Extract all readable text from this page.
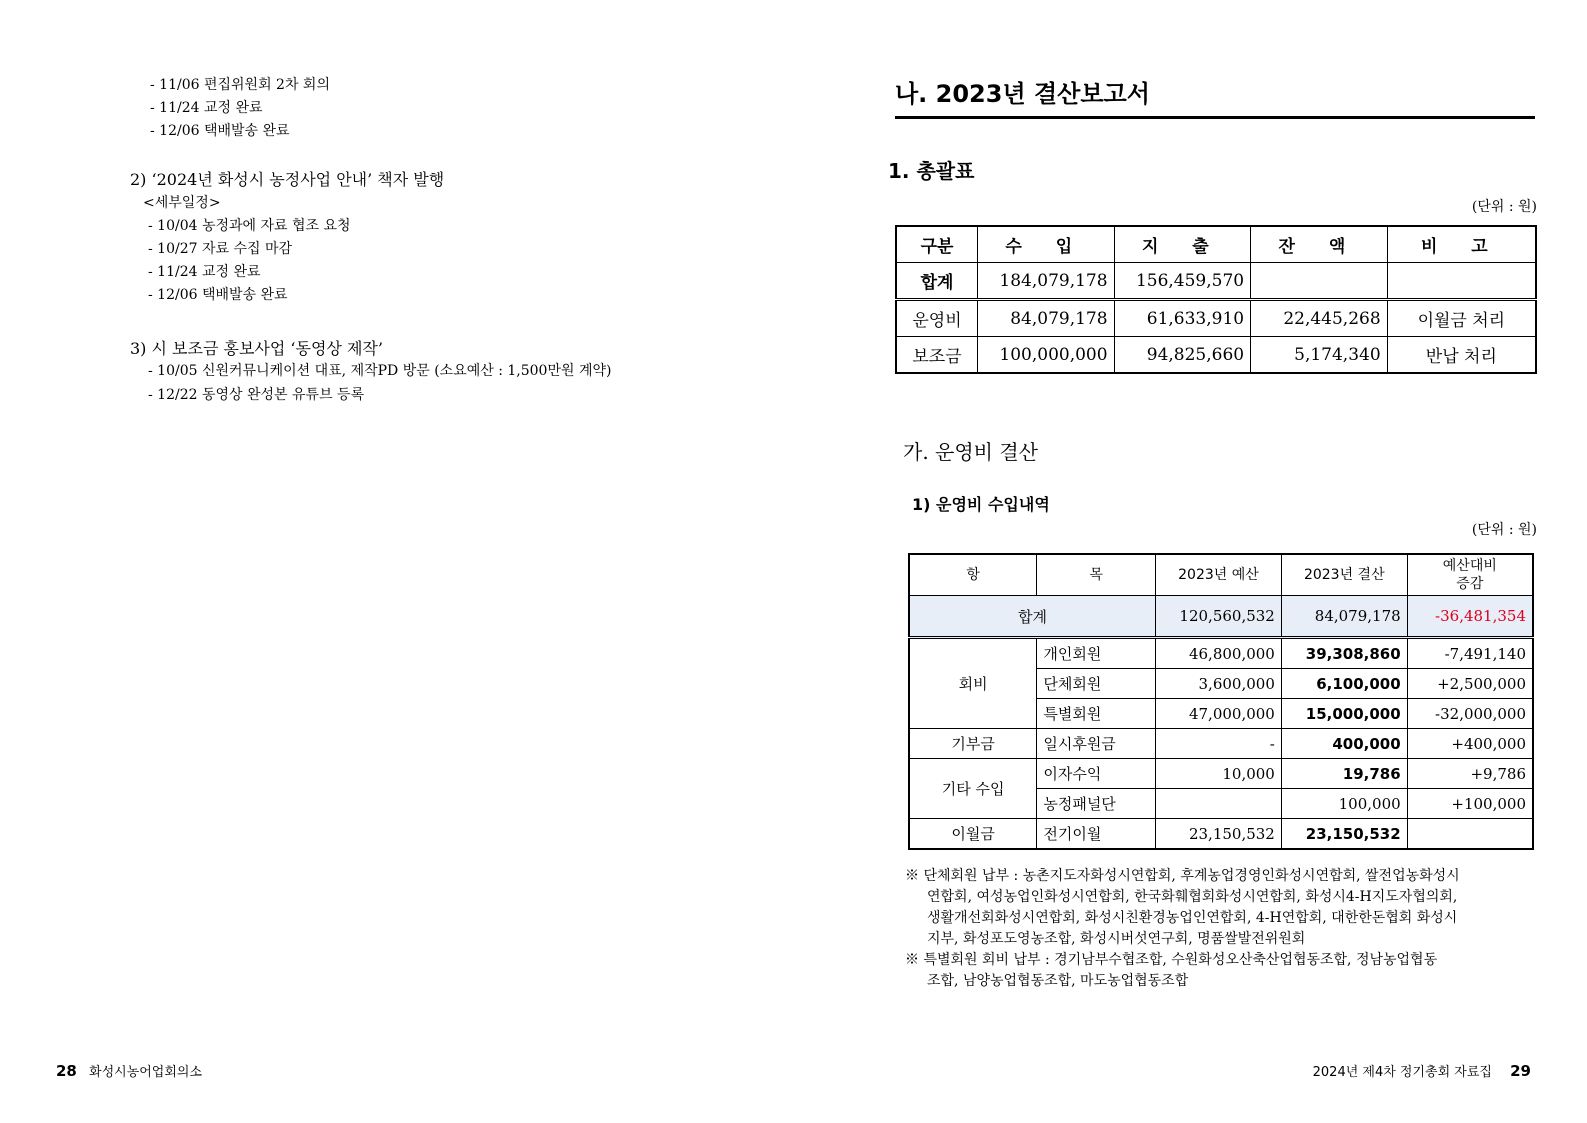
- 11/06 편집위원회 2차 회의
- 11/24 교정 완료
- 12/06 택배발송 완료
2) ‘2024년 화성시 농정사업 안내’ 책자 발행
<세부일정>
- 10/04 농정과에 자료 협조 요청
- 10/27 자료 수집 마감
- 11/24 교정 완료
- 12/06 택배발송 완료
3) 시 보조금 홍보사업 ‘동영상 제작’
- 10/05 신원커뮤니케이션 대표, 제작PD 방문 (소요예산 : 1,500만원 계약)
- 12/22 동영상 완성본 유튜브 등록
나. 2023년 결산보고서
1. 총괄표
(단위 : 원)
구분	수 입	지 출	잔 액	비 고
합계	184,079,178	156,459,570		
운영비	84,079,178	61,633,910	22,445,268	이월금 처리
보조금	100,000,000	94,825,660	5,174,340	반납 처리
가. 운영비 결산
1) 운영비 수입내역
(단위 : 원)
항	목	2023년 예산	2023년 결산	예산대비
증감
합계		120,560,532	84,079,178	-36,481,354
회비	개인회원	46,800,000	39,308,860	-7,491,140
	단체회원	3,600,000	6,100,000	+2,500,000
	특별회원	47,000,000	15,000,000	-32,000,000
기부금	일시후원금	-	400,000	+400,000
기타 수입	이자수익	10,000	19,786	+9,786
	농정패널단		100,000	+100,000
이월금	전기이월	23,150,532	23,150,532	
※ 단체회원 납부 : 농촌지도자화성시연합회, 후계농업경영인화성시연합회, 쌀전업농화성시
연합회, 여성농업인화성시연합회, 한국화훼협회화성시연합회, 화성시4-H지도자협의회,
생활개선회화성시연합회, 화성시친환경농업인연합회, 4-H연합회, 대한한돈협회 화성시
지부, 화성포도영농조합, 화성시버섯연구회, 명품쌀발전위원회
※ 특별회원 회비 납부 : 경기남부수협조합, 수원화성오산축산업협동조합, 정남농업협동
조합, 남양농업협동조합, 마도농업협동조합
28 화성시농어업회의소	2024년 제4차 정기총회 자료집 29
